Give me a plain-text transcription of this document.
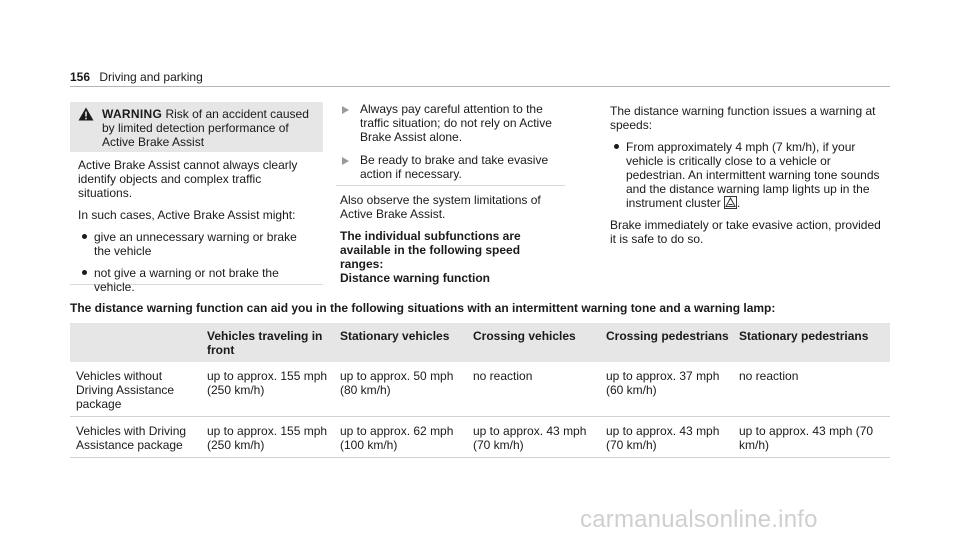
156 Driving and parking
WARNING Risk of an accident caused by limited detection performance of Active Brake Assist

Active Brake Assist cannot always clearly identify objects and complex traffic situations.

In such cases, Active Brake Assist might:

give an unnecessary warning or brake the vehicle
not give a warning or not brake the vehicle.
Always pay careful attention to the traffic situation; do not rely on Active Brake Assist alone.
Be ready to brake and take evasive action if necessary.

Also observe the system limitations of Active Brake Assist.

The individual subfunctions are available in the following speed ranges:

Distance warning function

The distance warning function issues a warning at speeds:

From approximately 4 mph (7 km/h), if your vehicle is critically close to a vehicle or pedestrian. An intermittent warning tone sounds and the distance warning lamp lights up in the instrument cluster .

Brake immediately or take evasive action, provided it is safe to do so.

The distance warning function can aid you in the following situations with an intermittent warning tone and a warning lamp:
	Vehicles traveling in front	Stationary vehicles	Crossing vehicles	Crossing pedestrians	Stationary pedestrians
Vehicles without Driving Assistance package	up to approx. 155 mph (250 km/h)	up to approx. 50 mph (80 km/h)	no reaction	up to approx. 37 mph (60 km/h)	no reaction
Vehicles with Driving Assistance package	up to approx. 155 mph (250 km/h)	up to approx. 62 mph (100 km/h)	up to approx. 43 mph (70 km/h)	up to approx. 43 mph (70 km/h)	up to approx. 43 mph (70 km/h)
carmanualsonline.info
